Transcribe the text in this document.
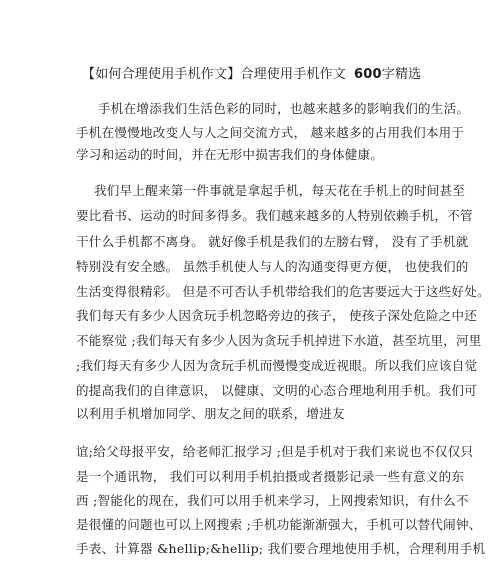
【如何合理使用手机作文】合理使用手机作文 600字精选
手机在增添我们生活色彩的同时，也越来越多的影响我们的生活。
手机在慢慢地改变人与人之间交流方式， 越来越多的占用我们本用于
学习和运动的时间，并在无形中损害我们的身体健康。
我们早上醒来第一件事就是拿起手机，每天花在手机上的时间甚至
要比看书、运动的时间多得多。我们越来越多的人特别依赖手机，不管
干什么手机都不离身。 就好像手机是我们的左膀右臂， 没有了手机就
特别没有安全感。 虽然手机使人与人的沟通变得更方便， 也使我们的
生活变得很精彩。 但是不可否认手机带给我们的危害要远大于这些好处。
我们每天有多少人因贪玩手机忽略旁边的孩子， 使孩子深处危险之中还
不能察觉 ;我们每天有多少人因为贪玩手机掉进下水道，甚至坑里，河里
;我们每天有多少人因为贪玩手机而慢慢变成近视眼。所以我们应该自觉
的提高我们的自律意识， 以健康、文明的心态合理地利用手机。我们可
以利用手机增加同学、朋友之间的联系，增进友
谊;给父母报平安，给老师汇报学习 ;但是手机对于我们来说也不仅仅只
是一个通讯物， 我们可以利用手机拍摄或者摄影记录一些有意义的东
西 ;智能化的现在，我们可以用手机来学习，上网搜索知识，有什么不
是很懂的问题也可以上网搜索 ;手机功能渐渐强大，手机可以替代闹钟、
手表、计算器 &hellip;&hellip; 我们要合理地使用手机，合理利用手机
